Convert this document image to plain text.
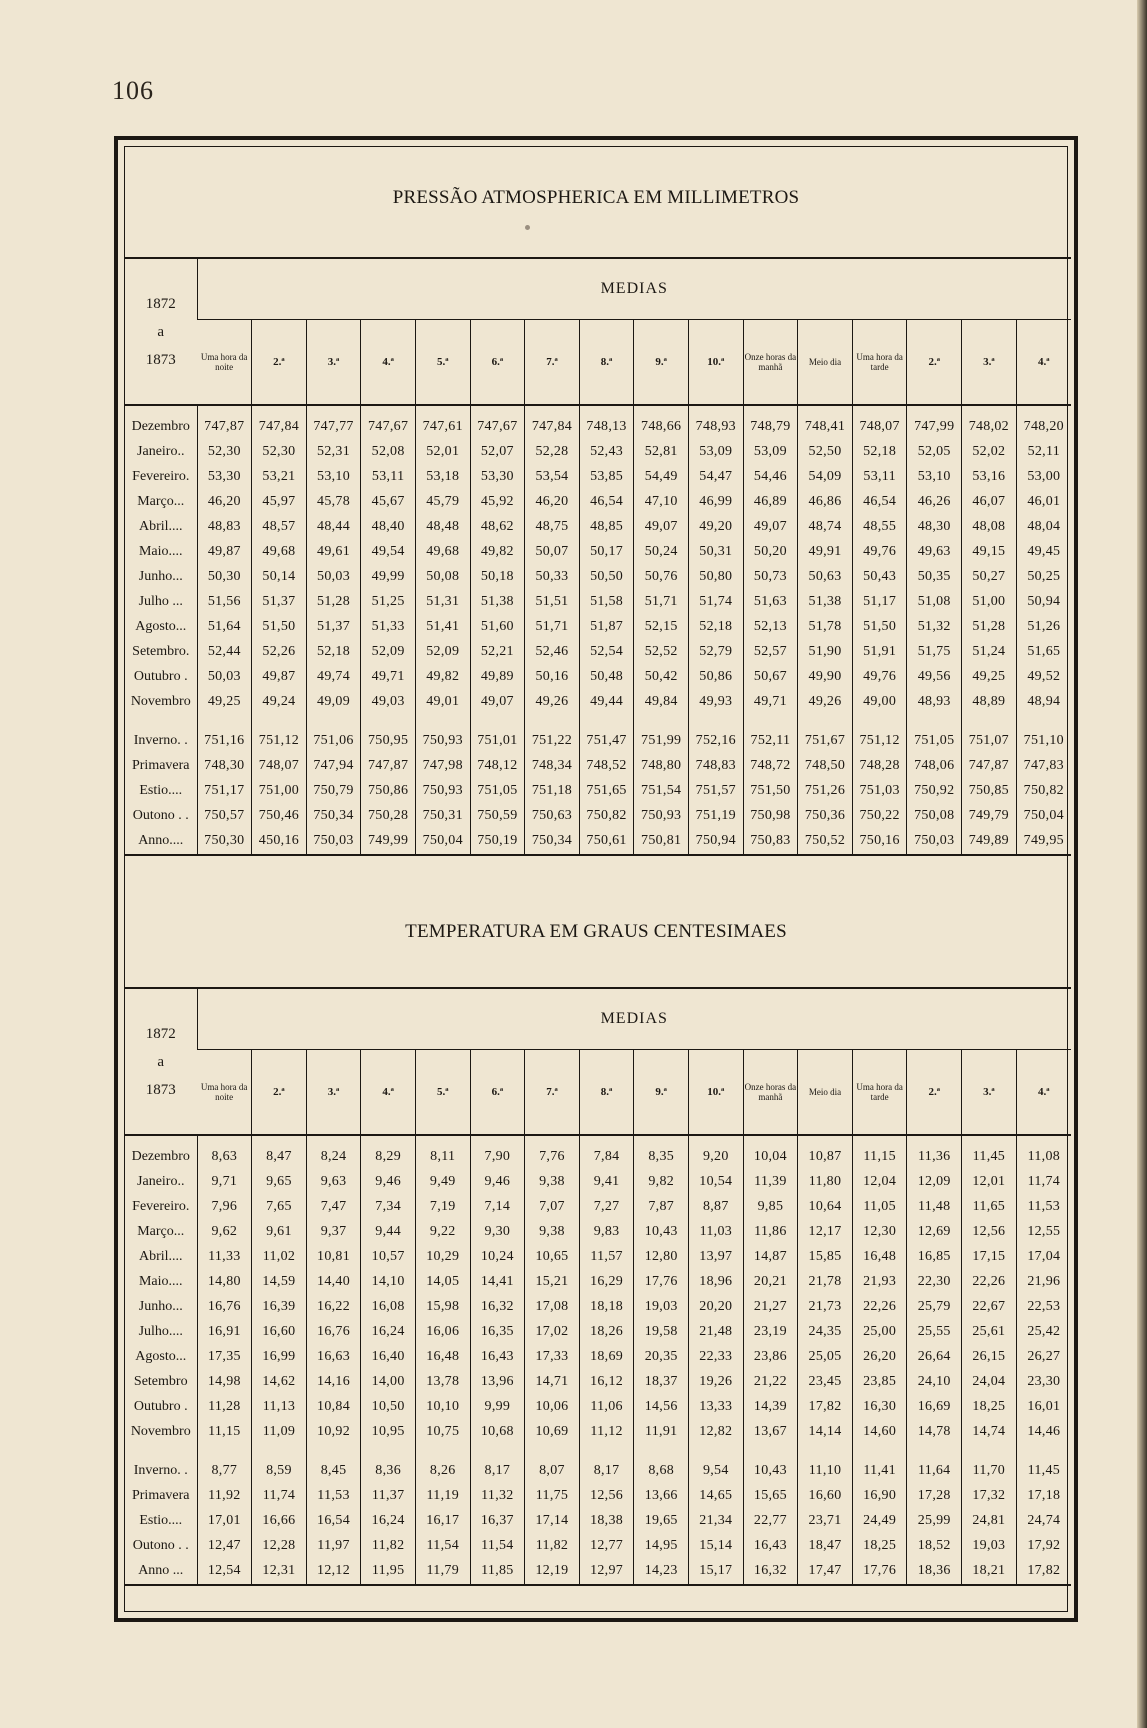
106
PRESSÃO ATMOSPHERICA EM MILLIMETROS
1872
a
1873	MEDIAS															
	Uma hora da noite	2.ª	3.ª	4.ª	5.ª	6.ª	7.ª	8.ª	9.ª	10.ª	Onze horas da manhã	Meio dia	Uma hora da tarde	2.ª	3.ª	4.ª

Dezembro	747,87	747,84	747,77	747,67	747,61	747,67	747,84	748,13	748,66	748,93	748,79	748,41	748,07	747,99	748,02	748,20
Janeiro..	52,30	52,30	52,31	52,08	52,01	52,07	52,28	52,43	52,81	53,09	53,09	52,50	52,18	52,05	52,02	52,11
Fevereiro.	53,30	53,21	53,10	53,11	53,18	53,30	53,54	53,85	54,49	54,47	54,46	54,09	53,11	53,10	53,16	53,00
Março...	46,20	45,97	45,78	45,67	45,79	45,92	46,20	46,54	47,10	46,99	46,89	46,86	46,54	46,26	46,07	46,01
Abril....	48,83	48,57	48,44	48,40	48,48	48,62	48,75	48,85	49,07	49,20	49,07	48,74	48,55	48,30	48,08	48,04
Maio....	49,87	49,68	49,61	49,54	49,68	49,82	50,07	50,17	50,24	50,31	50,20	49,91	49,76	49,63	49,15	49,45
Junho...	50,30	50,14	50,03	49,99	50,08	50,18	50,33	50,50	50,76	50,80	50,73	50,63	50,43	50,35	50,27	50,25
Julho ...	51,56	51,37	51,28	51,25	51,31	51,38	51,51	51,58	51,71	51,74	51,63	51,38	51,17	51,08	51,00	50,94
Agosto...	51,64	51,50	51,37	51,33	51,41	51,60	51,71	51,87	52,15	52,18	52,13	51,78	51,50	51,32	51,28	51,26
Setembro.	52,44	52,26	52,18	52,09	52,09	52,21	52,46	52,54	52,52	52,79	52,57	51,90	51,91	51,75	51,24	51,65
Outubro .	50,03	49,87	49,74	49,71	49,82	49,89	50,16	50,48	50,42	50,86	50,67	49,90	49,76	49,56	49,25	49,52
Novembro	49,25	49,24	49,09	49,03	49,01	49,07	49,26	49,44	49,84	49,93	49,71	49,26	49,00	48,93	48,89	48,94

Inverno. .	751,16	751,12	751,06	750,95	750,93	751,01	751,22	751,47	751,99	752,16	752,11	751,67	751,12	751,05	751,07	751,10
Primavera	748,30	748,07	747,94	747,87	747,98	748,12	748,34	748,52	748,80	748,83	748,72	748,50	748,28	748,06	747,87	747,83
Estio....	751,17	751,00	750,79	750,86	750,93	751,05	751,18	751,65	751,54	751,57	751,50	751,26	751,03	750,92	750,85	750,82
Outono . .	750,57	750,46	750,34	750,28	750,31	750,59	750,63	750,82	750,93	751,19	750,98	750,36	750,22	750,08	749,79	750,04
Anno....	750,30	450,16	750,03	749,99	750,04	750,19	750,34	750,61	750,81	750,94	750,83	750,52	750,16	750,03	749,89	749,95
TEMPERATURA EM GRAUS CENTESIMAES
1872
a
1873	MEDIAS															
	Uma hora da noite	2.ª	3.ª	4.ª	5.ª	6.ª	7.ª	8.ª	9.ª	10.ª	Onze horas da manhã	Meio dia	Uma hora da tarde	2.ª	3.ª	4.ª

Dezembro	8,63	8,47	8,24	8,29	8,11	7,90	7,76	7,84	8,35	9,20	10,04	10,87	11,15	11,36	11,45	11,08
Janeiro..	9,71	9,65	9,63	9,46	9,49	9,46	9,38	9,41	9,82	10,54	11,39	11,80	12,04	12,09	12,01	11,74
Fevereiro.	7,96	7,65	7,47	7,34	7,19	7,14	7,07	7,27	7,87	8,87	9,85	10,64	11,05	11,48	11,65	11,53
Março...	9,62	9,61	9,37	9,44	9,22	9,30	9,38	9,83	10,43	11,03	11,86	12,17	12,30	12,69	12,56	12,55
Abril....	11,33	11,02	10,81	10,57	10,29	10,24	10,65	11,57	12,80	13,97	14,87	15,85	16,48	16,85	17,15	17,04
Maio....	14,80	14,59	14,40	14,10	14,05	14,41	15,21	16,29	17,76	18,96	20,21	21,78	21,93	22,30	22,26	21,96
Junho...	16,76	16,39	16,22	16,08	15,98	16,32	17,08	18,18	19,03	20,20	21,27	21,73	22,26	25,79	22,67	22,53
Julho....	16,91	16,60	16,76	16,24	16,06	16,35	17,02	18,26	19,58	21,48	23,19	24,35	25,00	25,55	25,61	25,42
Agosto...	17,35	16,99	16,63	16,40	16,48	16,43	17,33	18,69	20,35	22,33	23,86	25,05	26,20	26,64	26,15	26,27
Setembro	14,98	14,62	14,16	14,00	13,78	13,96	14,71	16,12	18,37	19,26	21,22	23,45	23,85	24,10	24,04	23,30
Outubro .	11,28	11,13	10,84	10,50	10,10	9,99	10,06	11,06	14,56	13,33	14,39	17,82	16,30	16,69	18,25	16,01
Novembro	11,15	11,09	10,92	10,95	10,75	10,68	10,69	11,12	11,91	12,82	13,67	14,14	14,60	14,78	14,74	14,46

Inverno. .	8,77	8,59	8,45	8,36	8,26	8,17	8,07	8,17	8,68	9,54	10,43	11,10	11,41	11,64	11,70	11,45
Primavera	11,92	11,74	11,53	11,37	11,19	11,32	11,75	12,56	13,66	14,65	15,65	16,60	16,90	17,28	17,32	17,18
Estio....	17,01	16,66	16,54	16,24	16,17	16,37	17,14	18,38	19,65	21,34	22,77	23,71	24,49	25,99	24,81	24,74
Outono . .	12,47	12,28	11,97	11,82	11,54	11,54	11,82	12,77	14,95	15,14	16,43	18,47	18,25	18,52	19,03	17,92
Anno ...	12,54	12,31	12,12	11,95	11,79	11,85	12,19	12,97	14,23	15,17	16,32	17,47	17,76	18,36	18,21	17,82
